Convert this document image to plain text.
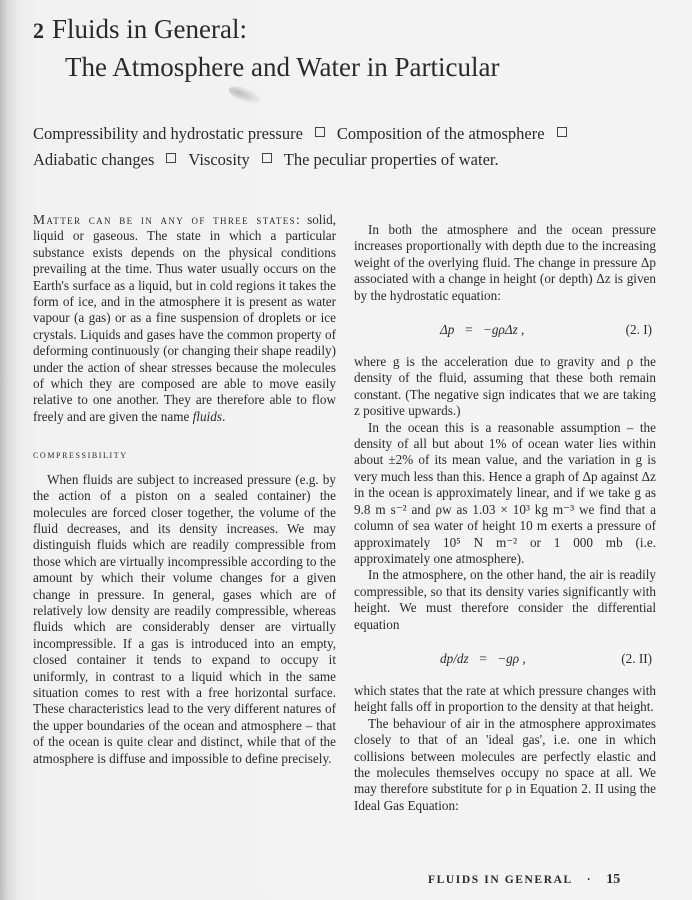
2 Fluids in General:
The Atmosphere and Water in Particular
Compressibility and hydrostatic pressure Composition of the atmosphere
Adiabatic changes Viscosity The peculiar properties of water.

Matter can be in any of three states: solid, liquid or gaseous. The state in which a particular substance exists depends on the physical conditions prevailing at the time. Thus water usually occurs on the Earth's surface as a liquid, but in cold regions it takes the form of ice, and in the atmosphere it is present as water vapour (a gas) or as a fine suspension of droplets or ice crystals. Liquids and gases have the common property of deforming continuously (or changing their shape readily) under the action of shear stresses because the molecules of which they are composed are able to move easily relative to one another. They are therefore able to flow freely and are given the name fluids.

compressibility

When fluids are subject to increased pressure (e.g. by the action of a piston on a sealed container) the molecules are forced closer together, the volume of the fluid decreases, and its density increases. We may distinguish fluids which are readily compressible from those which are virtually incompressible according to the amount by which their volume changes for a given change in pressure. In general, gases which are of relatively low density are readily compressible, whereas fluids which are considerably denser are virtually incompressible. If a gas is introduced into an empty, closed container it tends to expand to occupy it uniformly, in contrast to a liquid which in the same situation comes to rest with a free horizontal surface. These characteristics lead to the very different natures of the upper boundaries of the ocean and atmosphere – that of the ocean is quite clear and distinct, while that of the atmosphere is diffuse and impossible to define precisely.

In both the atmosphere and the ocean pressure increases proportionally with depth due to the increasing weight of the overlying fluid. The change in pressure Δp associated with a change in height (or depth) Δz is given by the hydrostatic equation:

Δp   =   −gρΔz ,	(2. I)

where g is the acceleration due to gravity and ρ the density of the fluid, assuming that these both remain constant. (The negative sign indicates that we are taking z positive upwards.)

In the ocean this is a reasonable assumption – the density of all but about 1% of ocean water lies within about ±2% of its mean value, and the variation in g is very much less than this. Hence a graph of Δp against Δz in the ocean is approximately linear, and if we take g as 9.8 m s⁻² and ρw as 1.03 × 10³ kg m⁻³ we find that a column of sea water of height 10 m exerts a pressure of approximately 10⁵ N m⁻² or 1 000 mb (i.e. approximately one atmosphere).

In the atmosphere, on the other hand, the air is readily compressible, so that its density varies significantly with height. We must therefore consider the differential equation

dp/dz   =   −gρ ,	(2. II)

which states that the rate at which pressure changes with height falls off in proportion to the density at that height.

The behaviour of air in the atmosphere approximates closely to that of an 'ideal gas', i.e. one in which collisions between molecules are perfectly elastic and the molecules themselves occupy no space at all. We may therefore substitute for ρ in Equation 2. II using the Ideal Gas Equation:

FLUIDS IN GENERAL · 15
